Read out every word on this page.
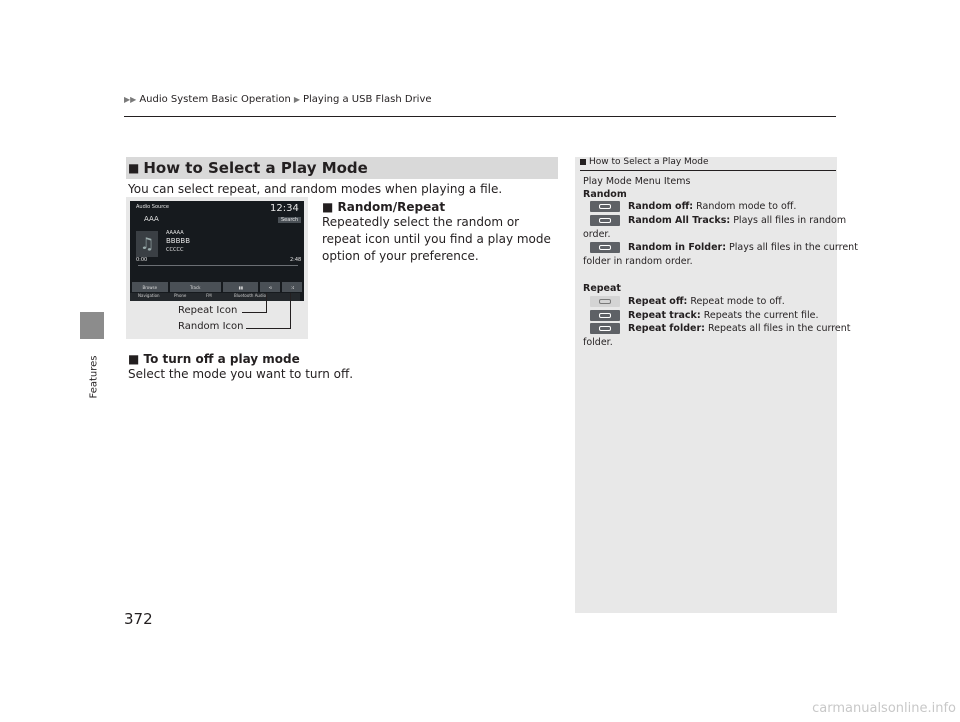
▶▶ Audio System Basic Operation ▶ Playing a USB Flash Drive
Features
■ How to Select a Play Mode
You can select repeat, and random modes when playing a file.
Audio Source	12:34
AAA	Search
♫
AAAAA
BBBBB
CCCCC
0:00	2:48
Browse	Track	▮▮	⟲	⤨
Navigation	Phone	FM	Bluetooth Audio
Repeat Icon
Random Icon
■ Random/Repeat
Repeatedly select the random or repeat icon until you find a play mode option of your preference.
■ To turn off a play mode
Select the mode you want to turn off.
How to Select a Play Mode
Play Mode Menu Items
Random
Random off: Random mode to off.
Random All Tracks: Plays all files in random
order.
Random in Folder: Plays all files in the current
folder in random order.
Repeat
Repeat off: Repeat mode to off.
Repeat track: Repeats the current file.
Repeat folder: Repeats all files in the current
folder.
372
carmanualsonline.info
